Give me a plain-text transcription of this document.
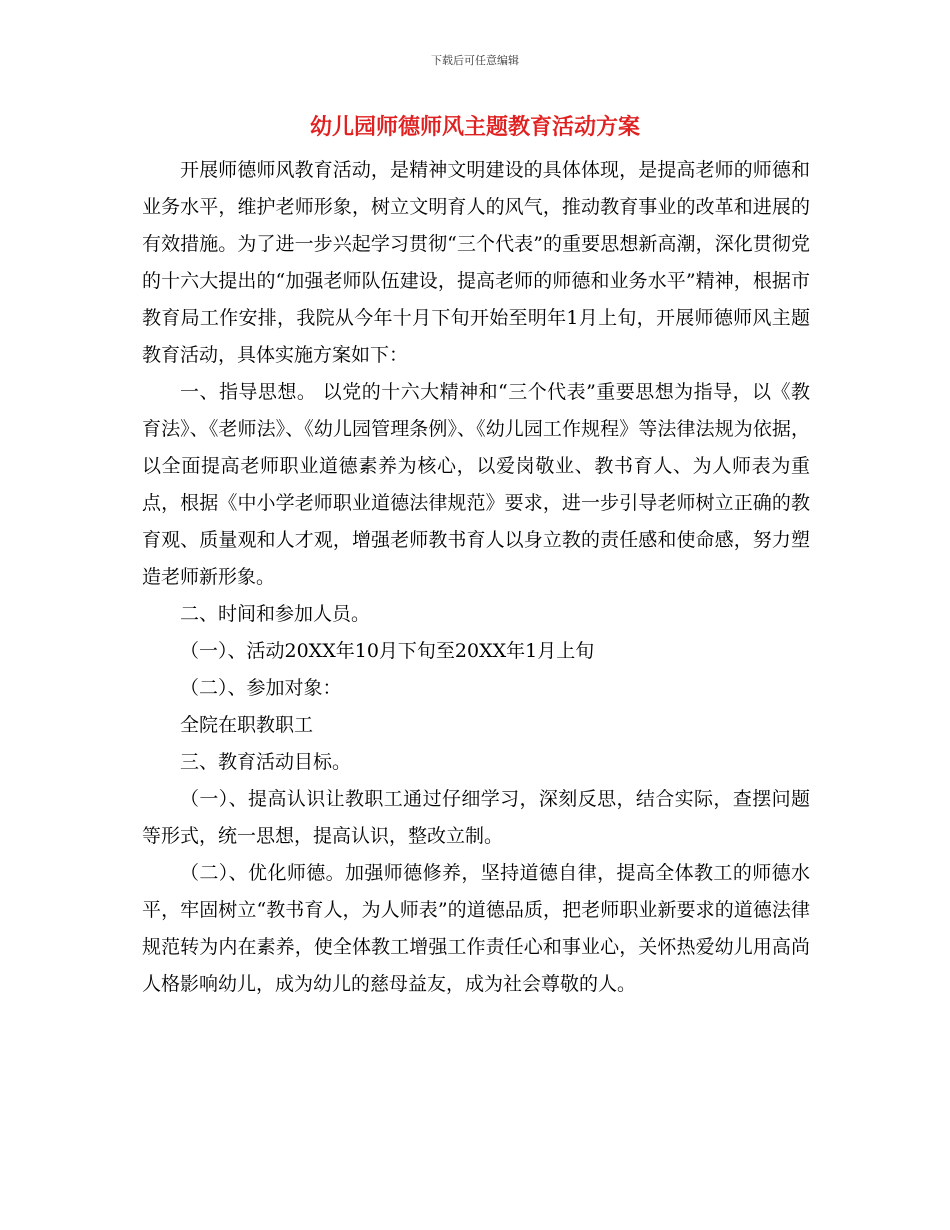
下载后可任意编辑
幼儿园师德师风主题教育活动方案

开展师德师风教育活动，是精神文明建设的具体体现，是提高老师的师德和业务水平，维护老师形象，树立文明育人的风气，推动教育事业的改革和进展的有效措施。为了进一步兴起学习贯彻“三个代表”的重要思想新高潮，深化贯彻党的十六大提出的“加强老师队伍建设，提高老师的师德和业务水平”精神，根据市教育局工作安排，我院从今年十月下旬开始至明年1月上旬，开展师德师风主题教育活动，具体实施方案如下：

一、指导思想。 以党的十六大精神和“三个代表”重要思想为指导，以《教育法》、《老师法》、《幼儿园管理条例》、《幼儿园工作规程》等法律法规为依据，以全面提高老师职业道德素养为核心，以爱岗敬业、教书育人、为人师表为重点，根据《中小学老师职业道德法律规范》要求，进一步引导老师树立正确的教育观、质量观和人才观，增强老师教书育人以身立教的责任感和使命感，努力塑造老师新形象。

二、时间和参加人员。

（一）、活动20XX年10月下旬至20XX年1月上旬

（二）、参加对象：

全院在职教职工

三、教育活动目标。

（一）、提高认识让教职工通过仔细学习，深刻反思，结合实际，查摆问题等形式，统一思想，提高认识，整改立制。

（二）、优化师德。加强师德修养，坚持道德自律，提高全体教工的师德水平，牢固树立“教书育人，为人师表”的道德品质，把老师职业新要求的道德法律规范转为内在素养，使全体教工增强工作责任心和事业心，关怀热爱幼儿用高尚人格影响幼儿，成为幼儿的慈母益友，成为社会尊敬的人。
